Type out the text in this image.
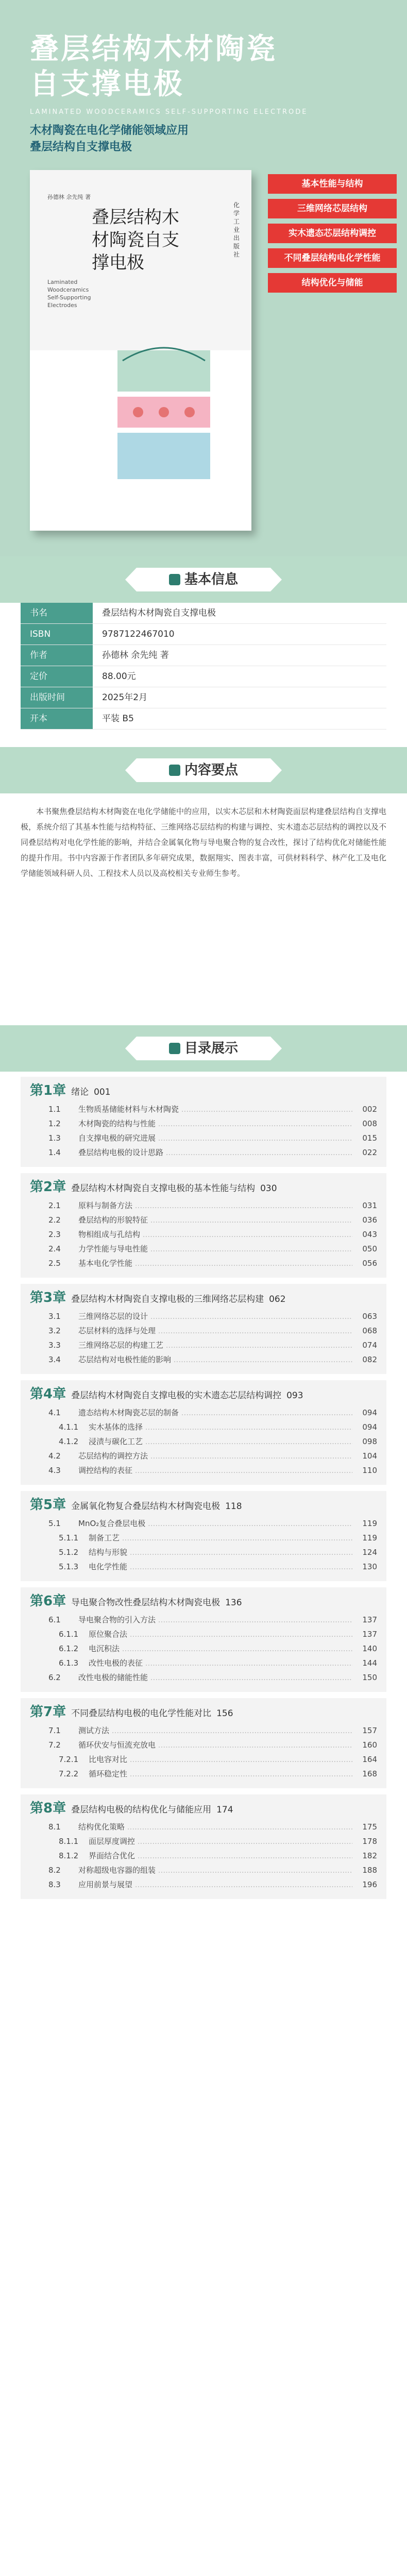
叠层结构木材陶瓷
自支撑电极
LAMINATED WOODCERAMICS SELF-SUPPORTING ELECTRODE
木材陶瓷在电化学储能领域应用
叠层结构自支撑电极
孙德林 余先纯 著
叠层结构木
材陶瓷自支
撑电极
Laminated
Woodceramics
Self-Supporting
Electrodes
化学工业出版社
基本性能与结构
三维网络芯层结构
实木遗态芯层结构调控
不同叠层结构电化学性能
结构优化与储能
基本信息
书名	叠层结构木材陶瓷自支撑电极
ISBN	9787122467010
作者	孙德林 余先纯 著
定价	88.00元
出版时间	2025年2月
开本	平装 B5
内容要点
本书聚焦叠层结构木材陶瓷在电化学储能中的应用，以实木芯层和木材陶瓷面层构建叠层结构自支撑电极，系统介绍了其基本性能与结构特征、三维网络芯层结构的构建与调控、实木遗态芯层结构的调控以及不同叠层结构对电化学性能的影响，并结合金属氧化物与导电聚合物的复合改性，探讨了结构优化对储能性能的提升作用。书中内容源于作者团队多年研究成果，数据翔实、图表丰富，可供材料科学、林产化工及电化学储能领域科研人员、工程技术人员以及高校相关专业师生参考。
目录展示
第1章 绪论 001
1.1	生物质基储能材料与木材陶瓷 .....	002
1.2	木材陶瓷的结构与性能 .....	008
1.3	自支撑电极的研究进展 .....	015
1.4	叠层结构电极的设计思路 .....	022
第2章 叠层结构木材陶瓷自支撑电极的基本性能与结构 030
2.1	原料与制备方法 .....	031
2.2	叠层结构的形貌特征 .....	036
2.3	物相组成与孔结构 .....	043
2.4	力学性能与导电性能 .....	050
2.5	基本电化学性能 .....	056
第3章 叠层结构木材陶瓷自支撑电极的三维网络芯层构建 062
3.1	三维网络芯层的设计 .....	063
3.2	芯层材料的选择与处理 .....	068
3.3	三维网络芯层的构建工艺 .....	074
3.4	芯层结构对电极性能的影响 .....	082
第4章 叠层结构木材陶瓷自支撑电极的实木遗态芯层结构调控 093
4.1	遗态结构木材陶瓷芯层的制备 .....	094
4.1.1	实木基体的选择 .....	094
4.1.2	浸渍与碳化工艺 .....	098
4.2	芯层结构的调控方法 .....	104
4.3	调控结构的表征 .....	110
第5章 金属氧化物复合叠层结构木材陶瓷电极 118
5.1	MnO₂复合叠层电极 .....	119
5.1.1	制备工艺 .....	119
5.1.2	结构与形貌 .....	124
5.1.3	电化学性能 .....	130
第6章 导电聚合物改性叠层结构木材陶瓷电极 136
6.1	导电聚合物的引入方法 .....	137
6.1.1	原位聚合法 .....	137
6.1.2	电沉积法 .....	140
6.1.3	改性电极的表征 .....	144
6.2	改性电极的储能性能 .....	150
第7章 不同叠层结构电极的电化学性能对比 156
7.1	测试方法 .....	157
7.2	循环伏安与恒流充放电 .....	160
7.2.1	比电容对比 .....	164
7.2.2	循环稳定性 .....	168
第8章 叠层结构电极的结构优化与储能应用 174
8.1	结构优化策略 .....	175
8.1.1	面层厚度调控 .....	178
8.1.2	界面结合优化 .....	182
8.2	对称超级电容器的组装 .....	188
8.3	应用前景与展望 .....	196
